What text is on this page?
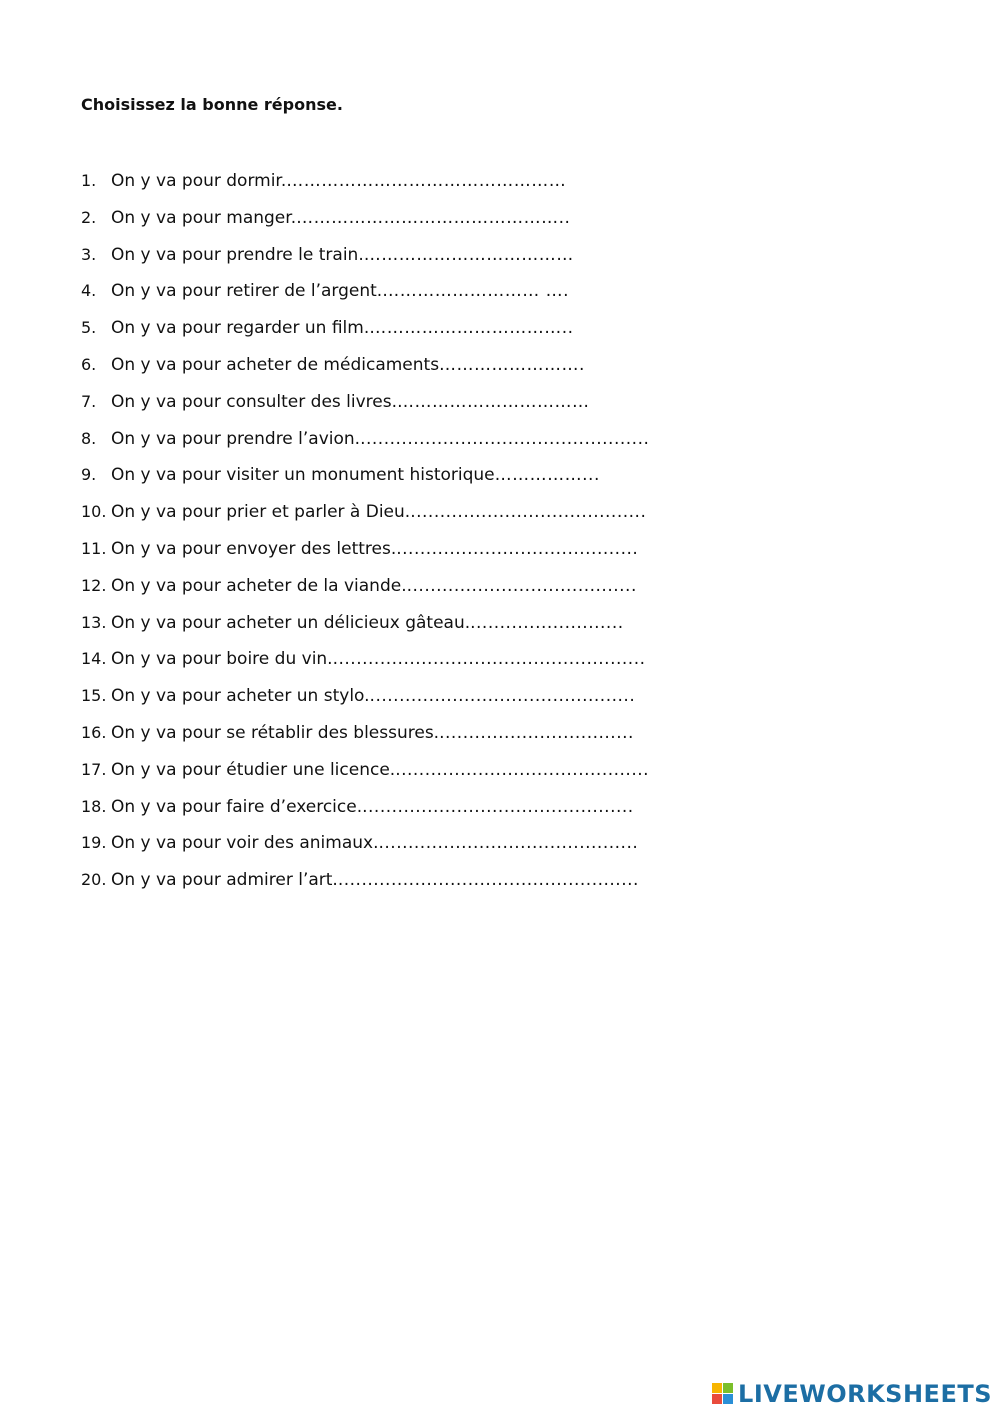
Choisissez la bonne réponse.
1. On y va pour dormir. …………………………………………
2. On y va pour manger. ………………………………………..
3. On y va pour prendre le train. ………………………………
4. On y va pour retirer de l’argent. ……………………… ….
5. On y va pour regarder un film. ……………………………..
6. On y va pour acheter de médicaments …………………….
7. On y va pour consulter des livres. ……………………………
8. On y va pour prendre l’avion. .................................................
9. On y va pour visiter un monument historique ……………...
10. On y va pour prier et parler à Dieu. ........................................
11. On y va pour envoyer des lettres. .........................................
12. On y va pour acheter de la viande. .......................................
13. On y va pour acheter un délicieux gâteau. ..........................
14. On y va pour boire du vin. .....................................................
15. On y va pour acheter un stylo. .............................................
16. On y va pour se rétablir des blessures. .................................
17. On y va pour étudier une licence. ...........................................
18. On y va pour faire d’exercice. ..............................................
19. On y va pour voir des animaux. ............................................
20. On y va pour admirer l’art. ...................................................
LIVEWORKSHEETS
